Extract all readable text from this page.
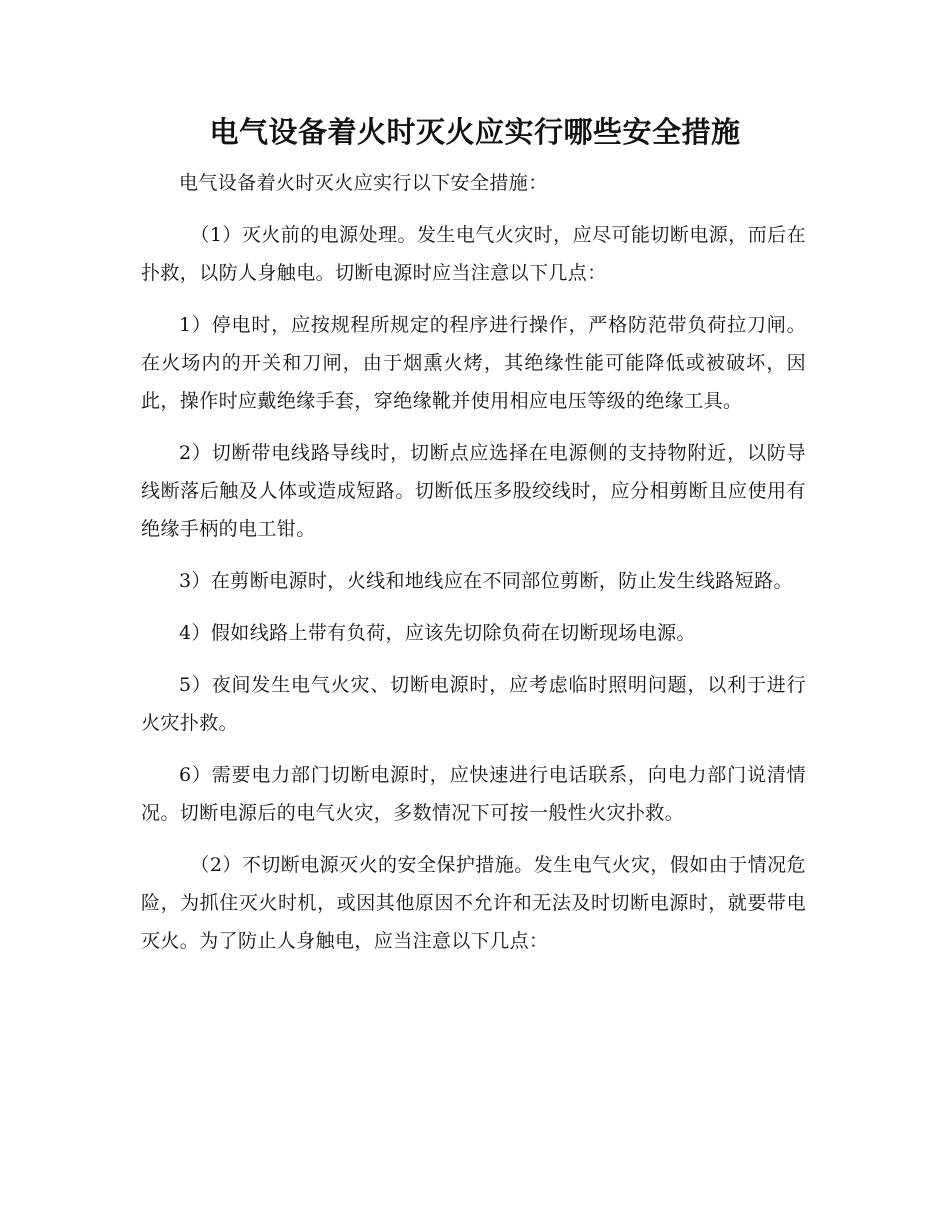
电气设备着火时灭火应实行哪些安全措施

电气设备着火时灭火应实行以下安全措施：

（1）灭火前的电源处理。发生电气火灾时，应尽可能切断电源，而后在扑救，以防人身触电。切断电源时应当注意以下几点：

1）停电时，应按规程所规定的程序进行操作，严格防范带负荷拉刀闸。在火场内的开关和刀闸，由于烟熏火烤，其绝缘性能可能降低或被破坏，因此，操作时应戴绝缘手套，穿绝缘靴并使用相应电压等级的绝缘工具。

2）切断带电线路导线时，切断点应选择在电源侧的支持物附近，以防导线断落后触及人体或造成短路。切断低压多股绞线时，应分相剪断且应使用有绝缘手柄的电工钳。

3）在剪断电源时，火线和地线应在不同部位剪断，防止发生线路短路。

4）假如线路上带有负荷，应该先切除负荷在切断现场电源。

5）夜间发生电气火灾、切断电源时，应考虑临时照明问题，以利于进行火灾扑救。

6）需要电力部门切断电源时，应快速进行电话联系，向电力部门说清情况。切断电源后的电气火灾，多数情况下可按一般性火灾扑救。

（2）不切断电源灭火的安全保护措施。发生电气火灾，假如由于情况危险，为抓住灭火时机，或因其他原因不允许和无法及时切断电源时，就要带电灭火。为了防止人身触电，应当注意以下几点：
